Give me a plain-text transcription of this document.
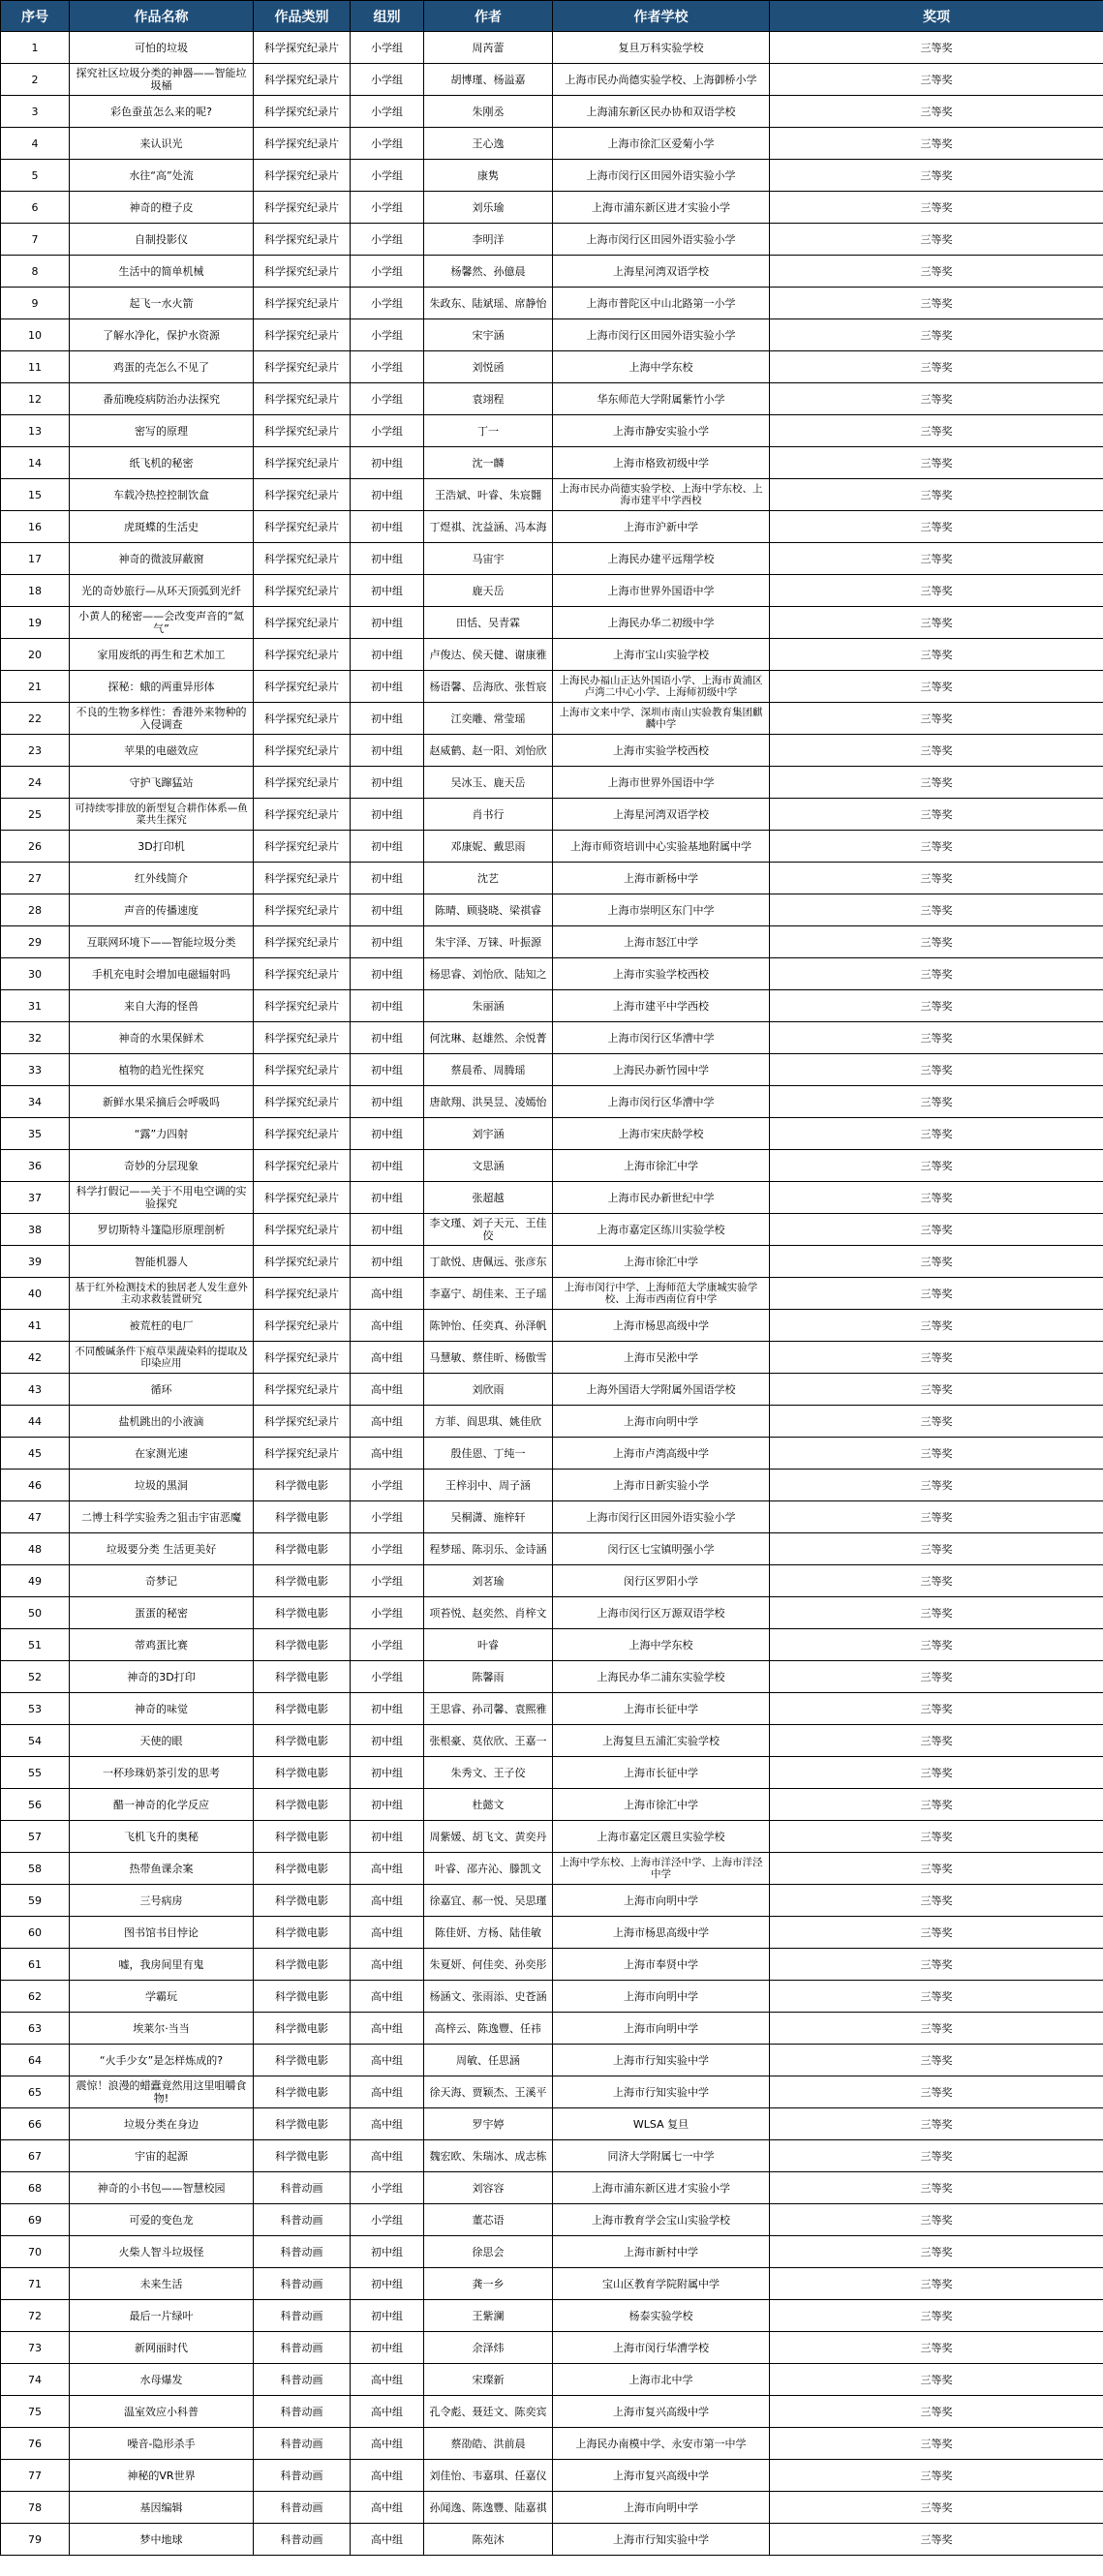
序号	作品名称	作品类别	组别	作者	作者学校	奖项
1	可怕的垃圾	科学探究纪录片	小学组	周芮蕾	复旦万科实验学校	三等奖
2	探究社区垃圾分类的神器——智能垃圾桶	科学探究纪录片	小学组	胡博瑾、杨溢嘉	上海市民办尚德实验学校、上海御桥小学	三等奖
3	彩色蚕茧怎么来的呢?	科学探究纪录片	小学组	朱刚丞	上海浦东新区民办协和双语学校	三等奖
4	来认识光	科学探究纪录片	小学组	王心逸	上海市徐汇区爱菊小学	三等奖
5	水往“高”处流	科学探究纪录片	小学组	康隽	上海市闵行区田园外语实验小学	三等奖
6	神奇的橙子皮	科学探究纪录片	小学组	刘乐瑜	上海市浦东新区进才实验小学	三等奖
7	自制投影仪	科学探究纪录片	小学组	李明洋	上海市闵行区田园外语实验小学	三等奖
8	生活中的简单机械	科学探究纪录片	小学组	杨馨然、孙億晨	上海星河湾双语学校	三等奖
9	起飞一水火箭	科学探究纪录片	小学组	朱政东、陆斌瑶、席静怡	上海市普陀区中山北路第一小学	三等奖
10	了解水净化，保护水资源	科学探究纪录片	小学组	宋宇涵	上海市闵行区田园外语实验小学	三等奖
11	鸡蛋的壳怎么不见了	科学探究纪录片	小学组	刘悦函	上海中学东校	三等奖
12	番茄晚疫病防治办法探究	科学探究纪录片	小学组	袁翊程	华东师范大学附属紫竹小学	三等奖
13	密写的原理	科学探究纪录片	小学组	丁一	上海市静安实验小学	三等奖
14	纸飞机的秘密	科学探究纪录片	初中组	沈一麟	上海市格致初级中学	三等奖
15	车载冷热控控制饮盒	科学探究纪录片	初中组	王浩斌、叶睿、朱宸翾	上海市民办尚德实验学校、上海中学东校、上海市建平中学西校	三等奖
16	虎斑蝶的生活史	科学探究纪录片	初中组	丁煜祺、沈益涵、冯本海	上海市沪新中学	三等奖
17	神奇的微波屏蔽窗	科学探究纪录片	初中组	马宙宇	上海民办建平远翔学校	三等奖
18	光的奇妙旅行—从环天顶弧到光纤	科学探究纪录片	初中组	鹿天岳	上海市世界外国语中学	三等奖
19	小黄人的秘密——会改变声音的“氦气”	科学探究纪录片	初中组	田恬、吴青霖	上海民办华二初级中学	三等奖
20	家用废纸的再生和艺术加工	科学探究纪录片	初中组	卢俊达、侯天健、谢康雅	上海市宝山实验学校	三等奖
21	探秘：蛾的两重异形体	科学探究纪录片	初中组	杨语馨、岳海欣、张哲宸	上海民办福山正达外国语小学、上海市黄浦区卢湾二中心小学、上海师初级中学	三等奖
22	不良的生物多样性：香港外来物种的入侵调查	科学探究纪录片	初中组	江奕雕、常莹瑶	上海市文来中学、深圳市南山实验教育集团麒麟中学	三等奖
23	苹果的电磁效应	科学探究纪录片	初中组	赵威鹤、赵一阳、刘怡欣	上海市实验学校西校	三等奖
24	守护飞蹿猛站	科学探究纪录片	初中组	吴冰玉、鹿天岳	上海市世界外国语中学	三等奖
25	可持续零排放的新型复合耕作体系—鱼菜共生探究	科学探究纪录片	初中组	肖书行	上海星河湾双语学校	三等奖
26	3D打印机	科学探究纪录片	初中组	邓康妮、戴思雨	上海市师资培训中心实验基地附属中学	三等奖
27	红外线简介	科学探究纪录片	初中组	沈艺	上海市新杨中学	三等奖
28	声音的传播速度	科学探究纪录片	初中组	陈晴、顾骁晓、梁祺睿	上海市崇明区东门中学	三等奖
29	互联网环境下——智能垃圾分类	科学探究纪录片	初中组	朱宇泽、万铼、叶振源	上海市怒江中学	三等奖
30	手机充电时会增加电磁辐射吗	科学探究纪录片	初中组	杨思睿、刘怡欣、陆知之	上海市实验学校西校	三等奖
31	来自大海的怪兽	科学探究纪录片	初中组	朱丽涵	上海市建平中学西校	三等奖
32	神奇的水果保鲜术	科学探究纪录片	初中组	何沈琳、赵雄然、余悦菁	上海市闵行区华漕中学	三等奖
33	植物的趋光性探究	科学探究纪录片	初中组	蔡晨希、周腾瑶	上海民办新竹园中学	三等奖
34	新鲜水果采摘后会呼吸吗	科学探究纪录片	初中组	唐歆翔、洪昊昱、凌嫣怡	上海市闵行区华漕中学	三等奖
35	“露”力四射	科学探究纪录片	初中组	刘宇涵	上海市宋庆龄学校	三等奖
36	奇妙的分层现象	科学探究纪录片	初中组	文思涵	上海市徐汇中学	三等奖
37	科学打假记——关于不用电空调的实验探究	科学探究纪录片	初中组	张超越	上海市民办新世纪中学	三等奖
38	罗切斯特斗篷隐形原理剖析	科学探究纪录片	初中组	李文瑾、刘子天元、王佳佼	上海市嘉定区练川实验学校	三等奖
39	智能机器人	科学探究纪录片	初中组	丁歆悦、唐佩远、张彦东	上海市徐汇中学	三等奖
40	基于红外检测技术的独居老人发生意外主动求救装置研究	科学探究纪录片	高中组	李嘉宁、胡佳来、王子瑶	上海市闵行中学、上海师范大学康城实验学校、上海市西南位育中学	三等奖
41	被荒枉的电厂	科学探究纪录片	高中组	陈钟怡、任奕真、孙泽帆	上海市杨思高级中学	三等奖
42	不同酸碱条件下痕草果蔬染料的提取及印染应用	科学探究纪录片	高中组	马慧敏、蔡佳昕、杨傲雪	上海市吴淞中学	三等奖
43	循环	科学探究纪录片	高中组	刘欣雨	上海外国语大学附属外国语学校	三等奖
44	盐机跳出的小液滴	科学探究纪录片	高中组	方菲、阎思琪、姚佳欣	上海市向明中学	三等奖
45	在家测光速	科学探究纪录片	高中组	殷佳恩、丁纯一	上海市卢湾高级中学	三等奖
46	垃圾的黑洞	科学微电影	小学组	王梓羽中、周子涵	上海市日新实验小学	三等奖
47	二博士科学实验秀之狙击宇宙恶魔	科学微电影	小学组	吴桐潇、施梓轩	上海市闵行区田园外语实验小学	三等奖
48	垃圾要分类 生活更美好	科学微电影	小学组	程梦瑶、陈羽乐、金诗涵	闵行区七宝镇明强小学	三等奖
49	奇梦记	科学微电影	小学组	刘茗瑜	闵行区罗阳小学	三等奖
50	蛋蛋的秘密	科学微电影	小学组	项苔悦、赵奕然、肖梓文	上海市闵行区万源双语学校	三等奖
51	蒂鸡蛋比赛	科学微电影	小学组	叶睿	上海中学东校	三等奖
52	神奇的3D打印	科学微电影	小学组	陈馨雨	上海民办华二浦东实验学校	三等奖
53	神奇的味觉	科学微电影	初中组	王思睿、孙司馨、袁熙雅	上海市长征中学	三等奖
54	天使的眼	科学微电影	初中组	张根豪、莫依欣、王嘉一	上海复旦五浦汇实验学校	三等奖
55	一杯珍珠奶茶引发的思考	科学微电影	初中组	朱秀文、王子佼	上海市长征中学	三等奖
56	醋一神奇的化学反应	科学微电影	初中组	杜懿文	上海市徐汇中学	三等奖
57	飞机飞升的奥秘	科学微电影	初中组	周紫媛、胡飞文、黄奕丹	上海市嘉定区震旦实验学校	三等奖
58	热带鱼课余案	科学微电影	高中组	叶睿、邵卉沁、滕凯文	上海中学东校、上海市洋泾中学、上海市洋泾中学	三等奖
59	三号病房	科学微电影	高中组	徐嘉宜、郝一悦、吴思瑾	上海市向明中学	三等奖
60	图书馆书目悖论	科学微电影	高中组	陈佳妍、方杨、陆佳敏	上海市杨思高级中学	三等奖
61	嘘，我房间里有鬼	科学微电影	高中组	朱夏妍、何佳奕、孙奕彤	上海市奉贤中学	三等奖
62	学霸玩	科学微电影	高中组	杨涵文、张雨添、史苍涵	上海市向明中学	三等奖
63	埃莱尔·当当	科学微电影	高中组	高梓云、陈逸豐、任祎	上海市向明中学	三等奖
64	“火手少女”是怎样炼成的?	科学微电影	高中组	周敏、任思涵	上海市行知实验中学	三等奖
65	震惊！浪漫的蜡蠹竟然用这里咀嚼食物!	科学微电影	高中组	徐天海、贾颖杰、王溪平	上海市行知实验中学	三等奖
66	垃圾分类在身边	科学微电影	高中组	罗宇婷	WLSA 复旦	三等奖
67	宇宙的起源	科学微电影	高中组	魏宏欧、朱瑞冰、成志栋	同济大学附属七一中学	三等奖
68	神奇的小书包——智慧校园	科普动画	小学组	刘容容	上海市浦东新区进才实验小学	三等奖
69	可爱的变色龙	科普动画	小学组	董芯语	上海市教育学会宝山实验学校	三等奖
70	火柴人智斗垃圾怪	科普动画	初中组	徐思会	上海市新村中学	三等奖
71	未来生活	科普动画	初中组	龚一乡	宝山区教育学院附属中学	三等奖
72	最后一片绿叶	科普动画	初中组	王紫澜	杨泰实验学校	三等奖
73	新网丽时代	科普动画	初中组	余泽炜	上海市闵行华漕学校	三等奖
74	水母爆发	科普动画	高中组	宋璨新	上海市北中学	三等奖
75	温室效应小科普	科普动画	高中组	孔令彪、聂廷文、陈奕宾	上海市复兴高级中学	三等奖
76	噪音-隐形杀手	科普动画	高中组	蔡劭皓、洪前晨	上海民办南模中学、永安市第一中学	三等奖
77	神秘的VR世界	科普动画	高中组	刘佳怡、韦嘉琪、任嘉仪	上海市复兴高级中学	三等奖
78	基因编辑	科普动画	高中组	孙闻逸、陈逸豐、陆嘉祺	上海市向明中学	三等奖
79	梦中地球	科普动画	高中组	陈苑沐	上海市行知实验中学	三等奖
